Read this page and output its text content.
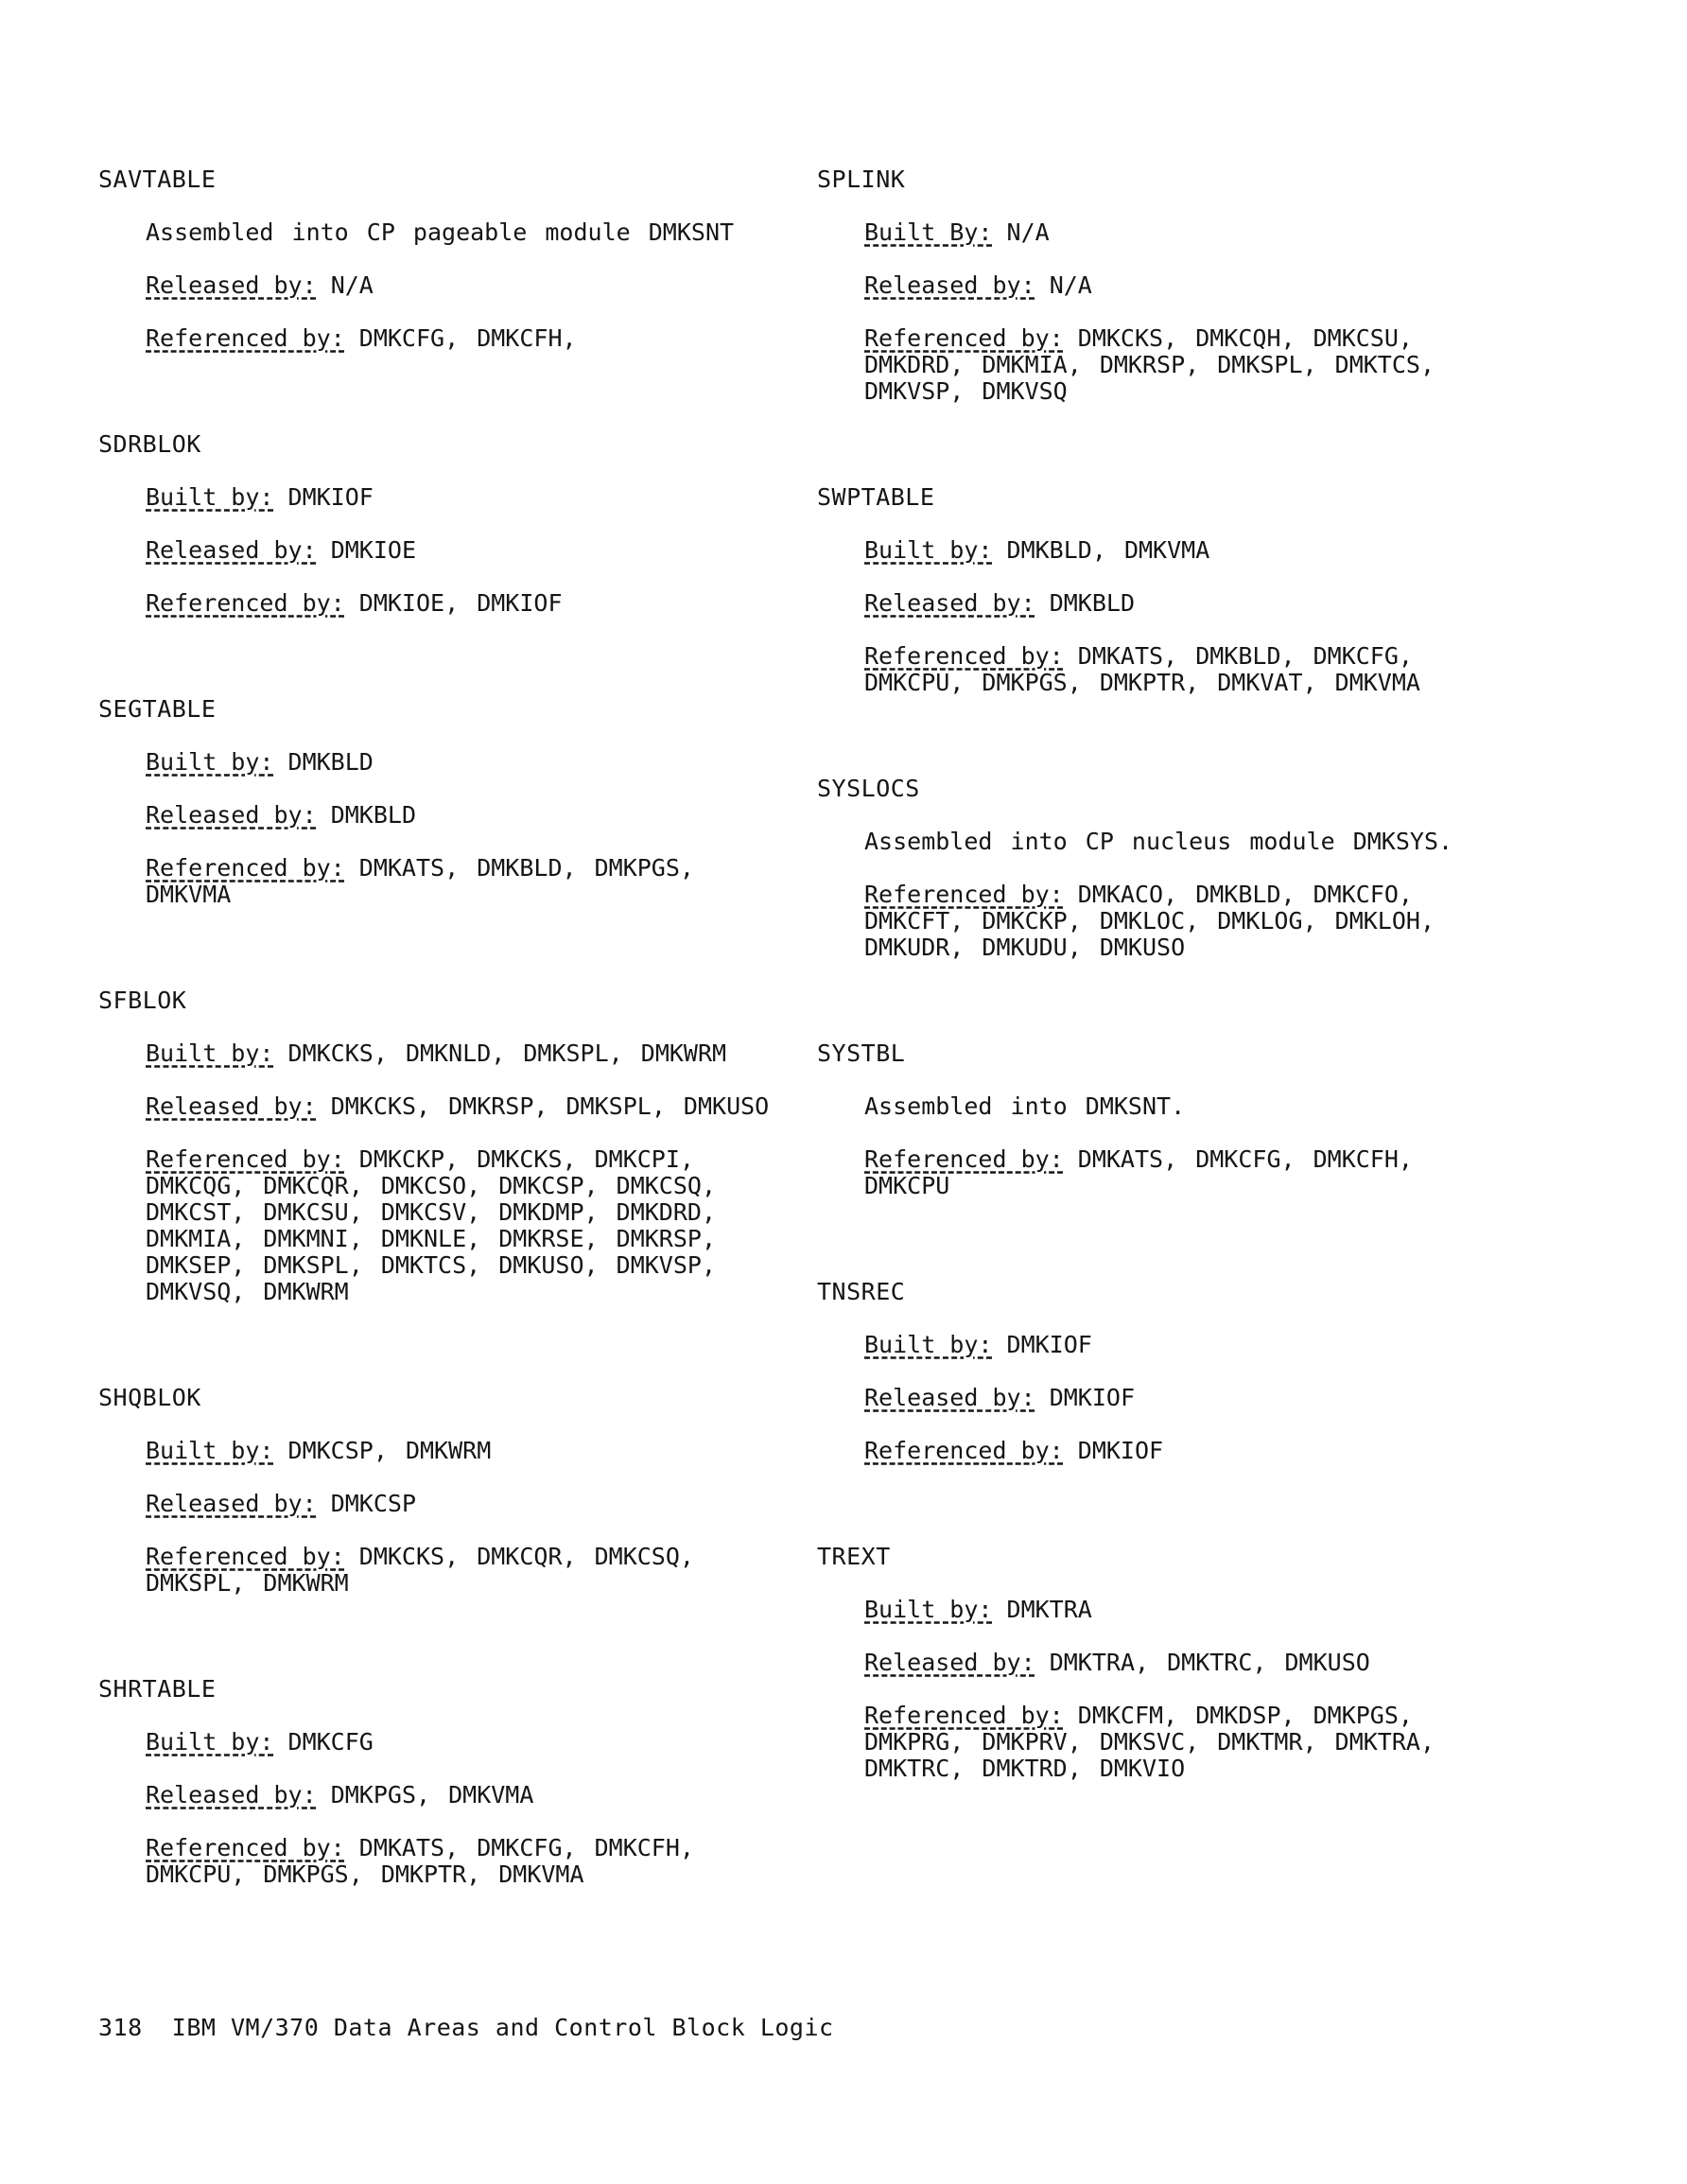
SAVTABLE
Assembled into CP pageable module DMKSNT
Released by: N/A
Referenced by: DMKCFG, DMKCFH,
SDRBLOK
Built by: DMKIOF
Released by: DMKIOE
Referenced by: DMKIOE, DMKIOF
SEGTABLE
Built by: DMKBLD
Released by: DMKBLD
Referenced by: DMKATS, DMKBLD, DMKPGS, DMKVMA
SFBLOK
Built by: DMKCKS, DMKNLD, DMKSPL, DMKWRM
Released by: DMKCKS, DMKRSP, DMKSPL, DMKUSO
Referenced by: DMKCKP, DMKCKS, DMKCPI, DMKCQG, DMKCQR, DMKCSO, DMKCSP, DMKCSQ, DMKCST, DMKCSU, DMKCSV, DMKDMP, DMKDRD, DMKMIA, DMKMNI, DMKNLE, DMKRSE, DMKRSP, DMKSEP, DMKSPL, DMKTCS, DMKUSO, DMKVSP, DMKVSQ, DMKWRM
SHQBLOK
Built by: DMKCSP, DMKWRM
Released by: DMKCSP
Referenced by: DMKCKS, DMKCQR, DMKCSQ, DMKSPL, DMKWRM
SHRTABLE
Built by: DMKCFG
Released by: DMKPGS, DMKVMA
Referenced by: DMKATS, DMKCFG, DMKCFH, DMKCPU, DMKPGS, DMKPTR, DMKVMA
SPLINK
Built By: N/A
Released by: N/A
Referenced by: DMKCKS, DMKCQH, DMKCSU, DMKDRD, DMKMIA, DMKRSP, DMKSPL, DMKTCS, DMKVSP, DMKVSQ
SWPTABLE
Built by: DMKBLD, DMKVMA
Released by: DMKBLD
Referenced by: DMKATS, DMKBLD, DMKCFG, DMKCPU, DMKPGS, DMKPTR, DMKVAT, DMKVMA
SYSLOCS
Assembled into CP nucleus module DMKSYS.
Referenced by: DMKACO, DMKBLD, DMKCFO, DMKCFT, DMKCKP, DMKLOC, DMKLOG, DMKLOH, DMKUDR, DMKUDU, DMKUSO
SYSTBL
Assembled into DMKSNT.
Referenced by: DMKATS, DMKCFG, DMKCFH, DMKCPU
TNSREC
Built by: DMKIOF
Released by: DMKIOF
Referenced by: DMKIOF
TREXT
Built by: DMKTRA
Released by: DMKTRA, DMKTRC, DMKUSO
Referenced by: DMKCFM, DMKDSP, DMKPGS, DMKPRG, DMKPRV, DMKSVC, DMKTMR, DMKTRA, DMKTRC, DMKTRD, DMKVIO
318 IBM VM/370 Data Areas and Control Block Logic
